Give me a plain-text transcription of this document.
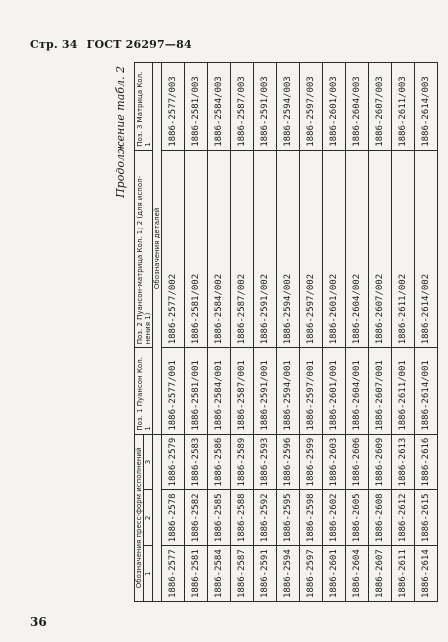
Стр. 34 ГОСТ 26297—84
Продолжение табл. 2
Обозначения пресс-форм исполнений			Поз. 1 Пуансон Кол. 1	Поз. 2 Пуансон-матрица Кол. 1; 2 (для испол- нения 1)	Поз. 3 Матрица Кол. 1
1	2	3			
			Обозначения деталей		
1886-2577	1886-2578	1886-2579	1886-2577/001	1886-2577/002	1886-2577/003
1886-2581	1886-2582	1886-2583	1886-2581/001	1886-2581/002	1886-2581/003
1886-2584	1886-2585	1886-2586	1886-2584/001	1886-2584/002	1886-2584/003
1886-2587	1886-2588	1886-2589	1886-2587/001	1886-2587/002	1886-2587/003
1886-2591	1886-2592	1886-2593	1886-2591/001	1886-2591/002	1886-2591/003
1886-2594	1886-2595	1886-2596	1886-2594/001	1886-2594/002	1886-2594/003
1886-2597	1886-2598	1886-2599	1886-2597/001	1886-2597/002	1886-2597/003
1886-2601	1886-2602	1886-2603	1886-2601/001	1886-2601/002	1886-2601/003
1886-2604	1886-2605	1886-2606	1886-2604/001	1886-2604/002	1886-2604/003
1886-2607	1886-2608	1886-2609	1886-2607/001	1886-2607/002	1886-2607/003
1886-2611	1886-2612	1886-2613	1886-2611/001	1886-2611/002	1886-2611/003
1886-2614	1886-2615	1886-2616	1886-2614/001	1886-2614/002	1886-2614/003
36
